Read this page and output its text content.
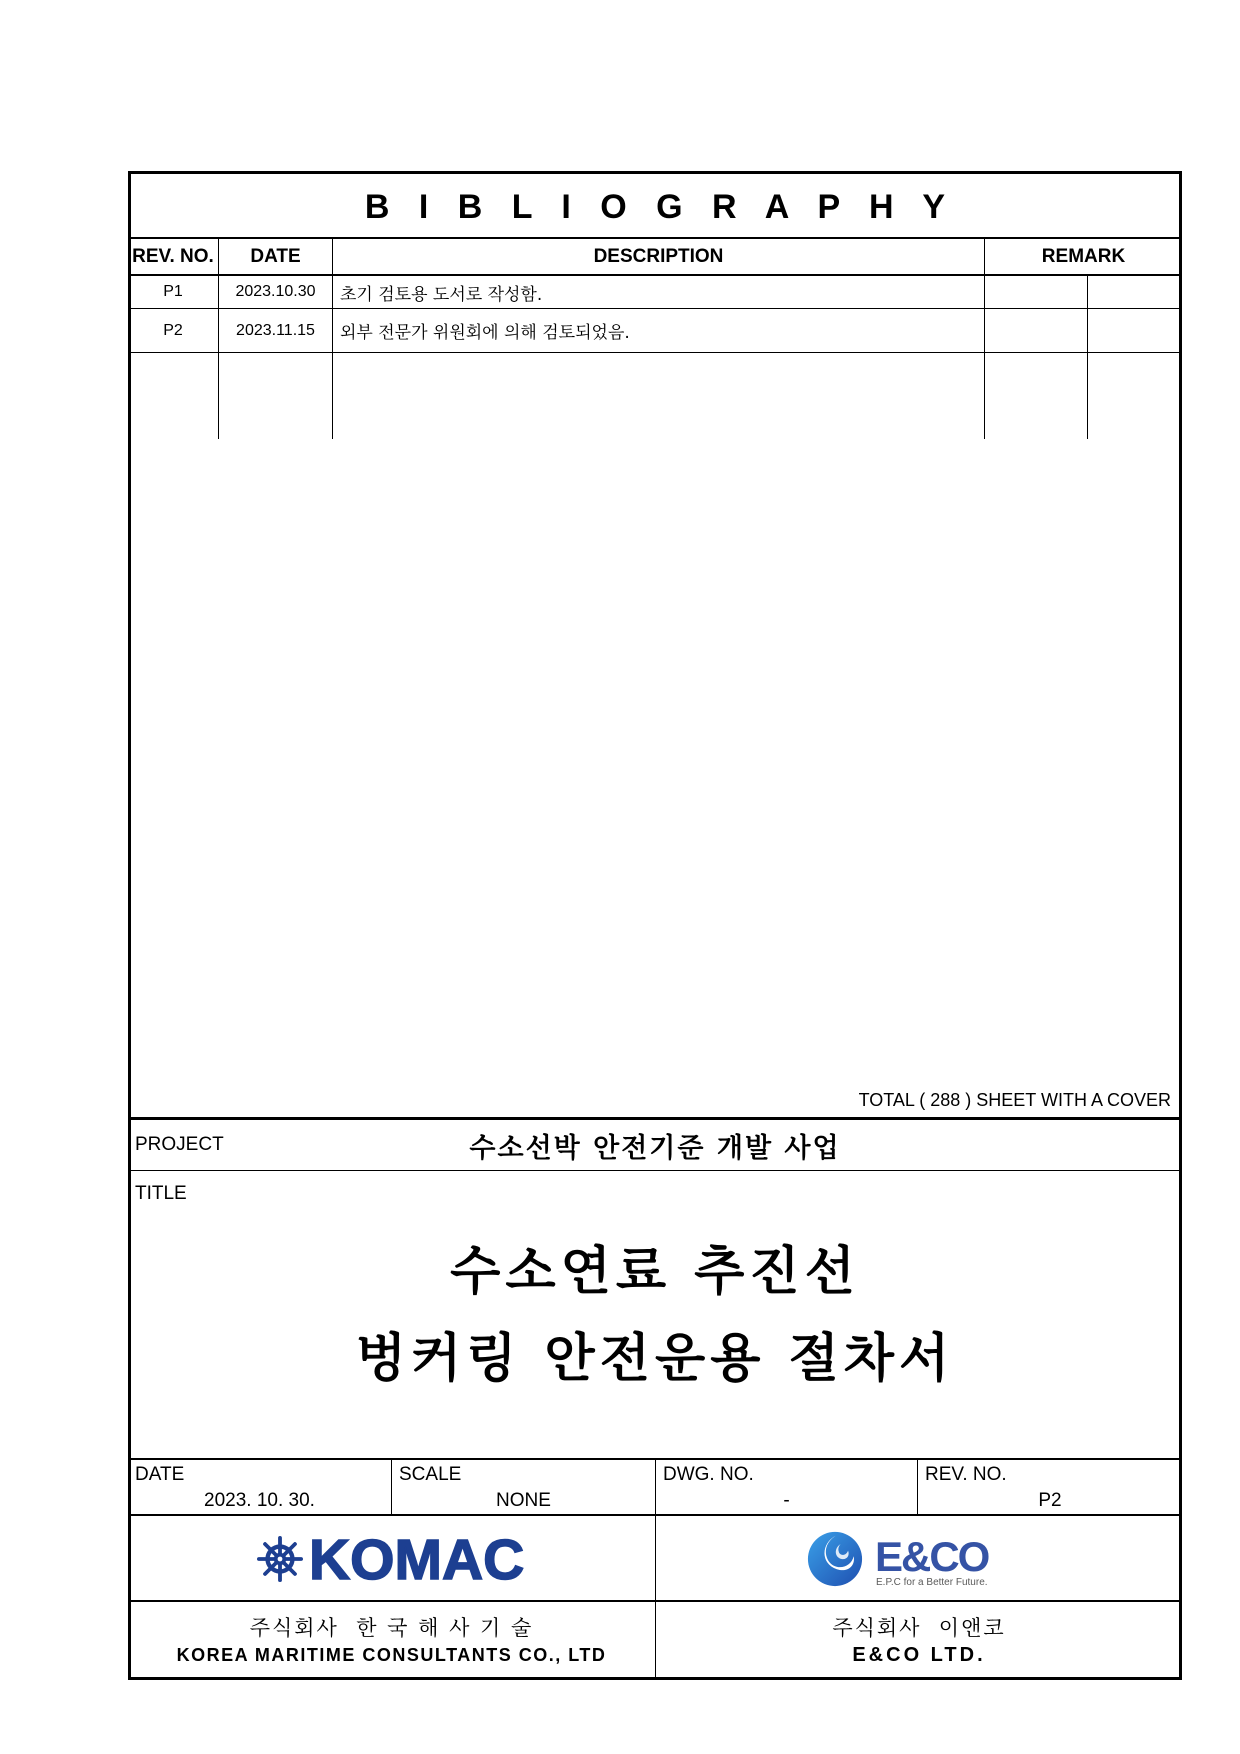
B I B L I O G R A P H Y
REV. NO.	DATE	DESCRIPTION	REMARK
P1	2023.10.30	초기 검토용 도서로 작성함.
P2	2023.11.15	외부 전문가 위원회에 의해 검토되었음.
TOTAL ( 288 ) SHEET WITH A COVER
PROJECT	수소선박 안전기준 개발 사업
TITLE
수소연료 추진선
벙커링 안전운용 절차서
DATE
2023. 10. 30.
SCALE
NONE
DWG. NO.
-
REV. NO.
P2
KOMAC	E&CO
E.P.C for a Better Future.
주식회사  한 국 해 사 기 술
KOREA MARITIME CONSULTANTS CO., LTD
주식회사  이앤코
E&CO LTD.
